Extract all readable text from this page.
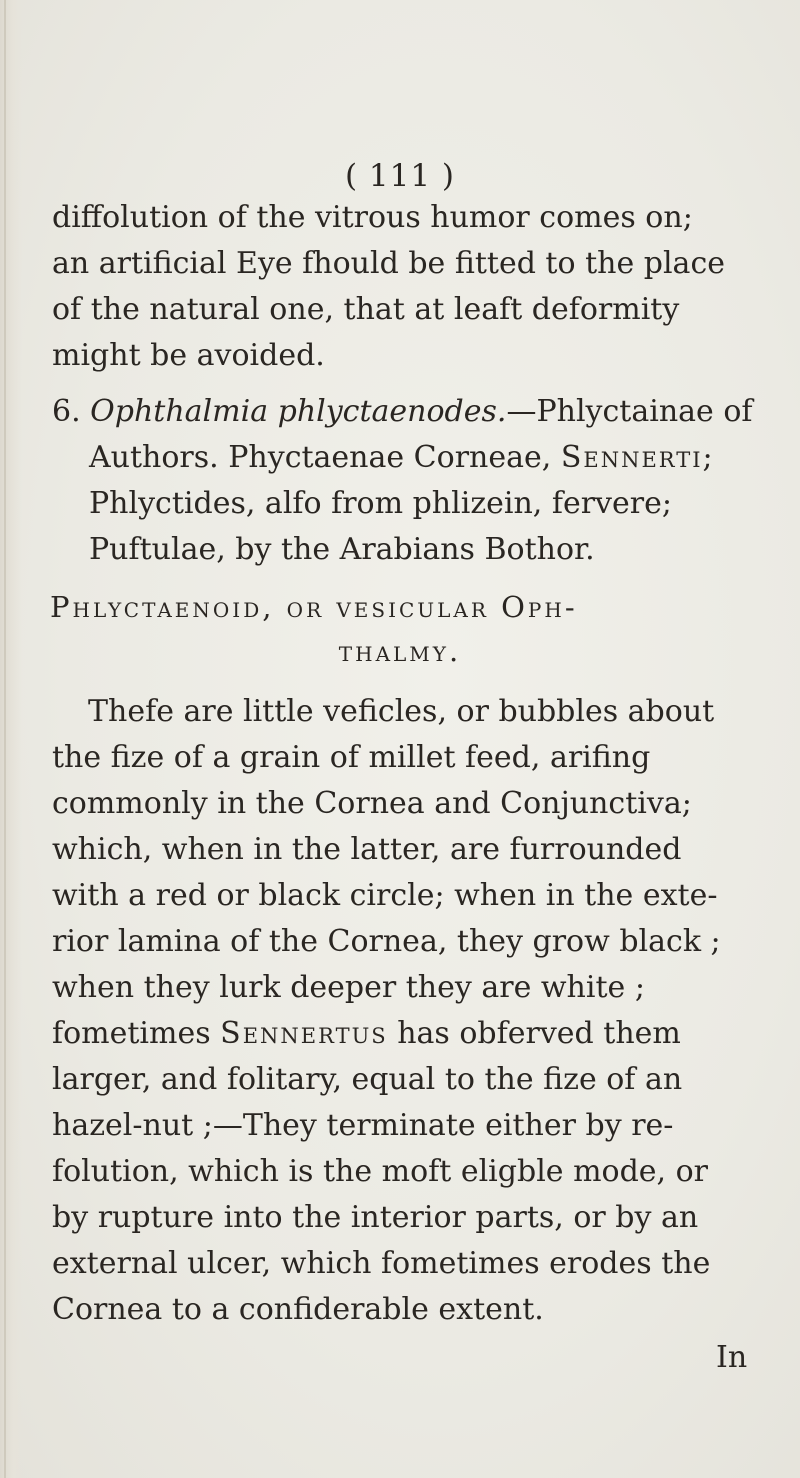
( 111 )
diffolution of the vitrous humor comes on;
an artificial Eye fhould be fitted to the place
of the natural one, that at leaft deformity
might be avoided.
6. Ophthalmia phlyctaenodes.—Phlyctainae of
Authors. Phyctaenae Corneae, Sennerti;
Phlyctides, alfo from phlizein, fervere;
Puftulae, by the Arabians Bothor.
Phlyctaenoid, or vesicular Oph-
thalmy.
Thefe are little veficles, or bubbles about
the fize of a grain of millet feed, arifing
commonly in the Cornea and Conjunctiva;
which, when in the latter, are furrounded
with a red or black circle; when in the exte-
rior lamina of the Cornea, they grow black ;
when they lurk deeper they are white ;
fometimes Sennertus has obferved them
larger, and folitary, equal to the fize of an
hazel-nut ;—They terminate either by re-
folution, which is the moft eligble mode, or
by rupture into the interior parts, or by an
external ulcer, which fometimes erodes the
Cornea to a confiderable extent.
In
